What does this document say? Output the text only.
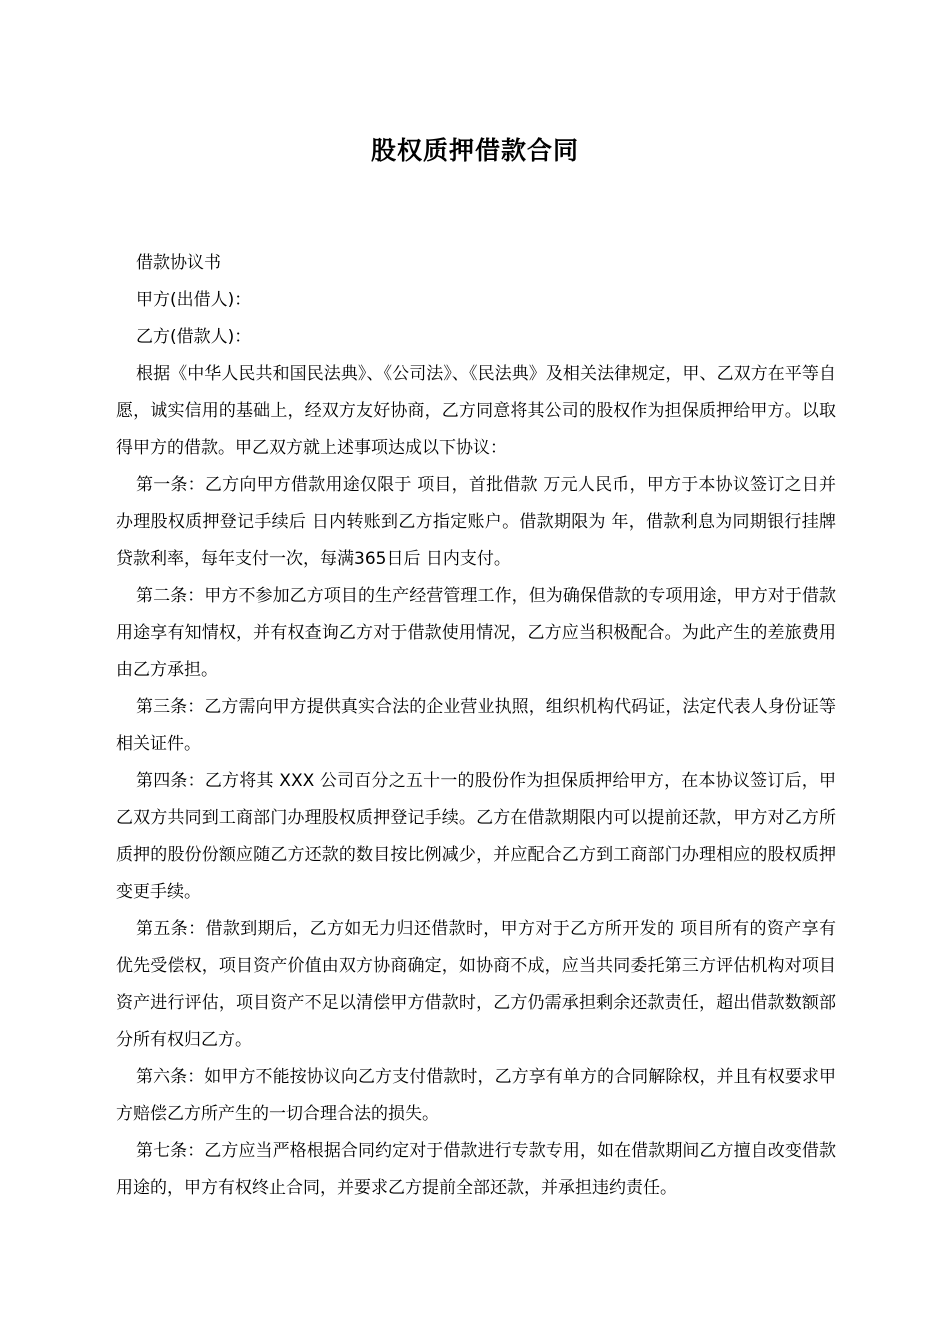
股权质押借款合同

借款协议书

甲方(出借人)：

乙方(借款人)：

根据《中华人民共和国民法典》、《公司法》、《民法典》及相关法律规定，甲、乙双方在平等自愿，诚实信用的基础上，经双方友好协商，乙方同意将其公司的股权作为担保质押给甲方。以取得甲方的借款。甲乙双方就上述事项达成以下协议：

第一条：乙方向甲方借款用途仅限于 项目，首批借款 万元人民币，甲方于本协议签订之日并办理股权质押登记手续后 日内转账到乙方指定账户。借款期限为 年，借款利息为同期银行挂牌贷款利率，每年支付一次，每满365日后 日内支付。

第二条：甲方不参加乙方项目的生产经营管理工作，但为确保借款的专项用途，甲方对于借款用途享有知情权，并有权查询乙方对于借款使用情况，乙方应当积极配合。为此产生的差旅费用由乙方承担。

第三条：乙方需向甲方提供真实合法的企业营业执照，组织机构代码证，法定代表人身份证等相关证件。

第四条：乙方将其 XXX 公司百分之五十一的股份作为担保质押给甲方，在本协议签订后，甲乙双方共同到工商部门办理股权质押登记手续。乙方在借款期限内可以提前还款，甲方对乙方所质押的股份份额应随乙方还款的数目按比例减少，并应配合乙方到工商部门办理相应的股权质押变更手续。

第五条：借款到期后，乙方如无力归还借款时，甲方对于乙方所开发的 项目所有的资产享有优先受偿权，项目资产价值由双方协商确定，如协商不成，应当共同委托第三方评估机构对项目资产进行评估，项目资产不足以清偿甲方借款时，乙方仍需承担剩余还款责任，超出借款数额部分所有权归乙方。

第六条：如甲方不能按协议向乙方支付借款时，乙方享有单方的合同解除权，并且有权要求甲方赔偿乙方所产生的一切合理合法的损失。

第七条：乙方应当严格根据合同约定对于借款进行专款专用，如在借款期间乙方擅自改变借款用途的，甲方有权终止合同，并要求乙方提前全部还款，并承担违约责任。
